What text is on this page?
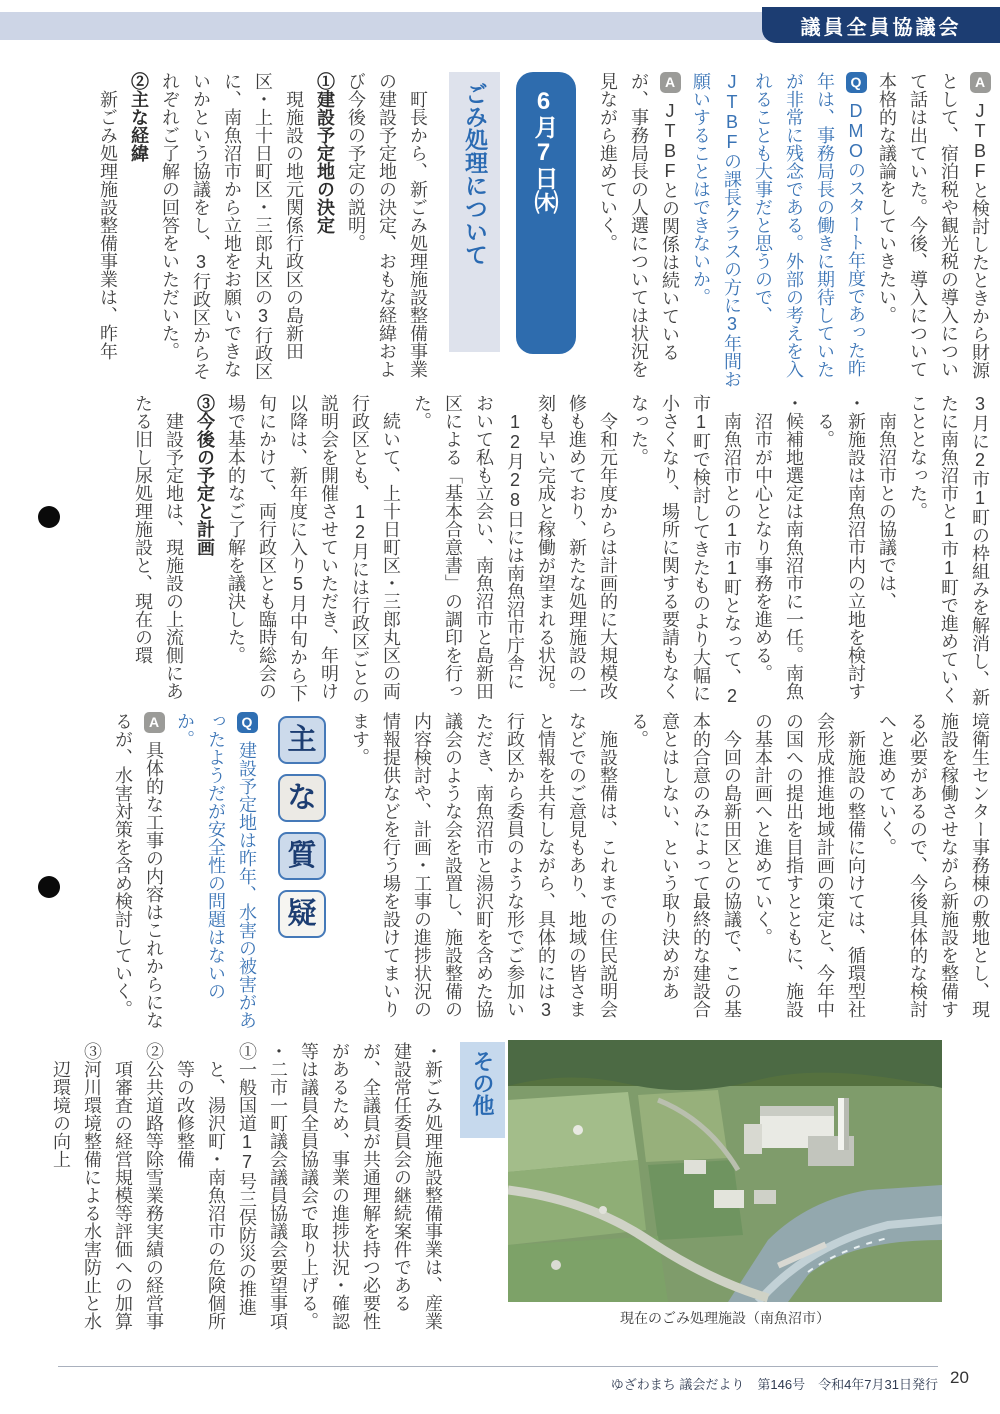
議員全員協議会

AJTBFと検討したときから財源として、宿泊税や観光税の導入について話は出ていた。今後、導入について本格的な議論をしていきたい。

QDMOのスタート年度であった昨年は、事務局長の働きに期待していたが非常に残念である。外部の考えを入れることも大事だと思うので、JTBFの課長クラスの方に3年間お願いすることはできないか。

AJTBFとの関係は続いているが、事務局長の人選については状況を見ながら進めていく。

6月7日㈭
ごみ処理について

　町長から、新ごみ処理施設整備事業の建設予定地の決定、おもな経緯および今後の予定の説明。

①建設予定地の決定

　現施設の地元関係行政区の島新田区・上十日町区・三郎丸区の3行政区に、南魚沼市から立地をお願いできないかという協議をし、3行政区からそれぞれご了解の回答をいただいた。

②主な経緯

　新ごみ処理施設整備事業は、昨年

3月に2市1町の枠組みを解消し、新たに南魚沼市と1市1町で進めていくこととなった。

　南魚沼市との協議では、

・新施設は南魚沼市内の立地を検討する。

・候補地選定は南魚沼市に一任。南魚沼市が中心となり事務を進める。

　南魚沼市との1市1町となって、2市1町で検討してきたものより大幅に小さくなり、場所に関する要請もなくなった。

　令和元年度からは計画的に大規模改修も進めており、新たな処理施設の一刻も早い完成と稼働が望まれる状況。

　12月28日には南魚沼市庁舎において私も立会い、南魚沼市と島新田区による「基本合意書」の調印を行った。

　続いて、上十日町区・三郎丸区の両行政区とも、12月には行政区ごとの説明会を開催させていただき、年明け以降は、新年度に入り5月中旬から下旬にかけて、両行政区とも臨時総会の場で基本的なご了解を議決した。

③今後の予定と計画

　建設予定地は、現施設の上流側にあたる旧し尿処理施設と、現在の環

境衛生センター事務棟の敷地とし、現施設を稼働させながら新施設を整備する必要があるので、今後具体的な検討へと進めていく。

　新施設の整備に向けては、循環型社会形成推進地域計画の策定と、今年中の国への提出を目指すとともに、施設の基本計画へと進めていく。

　今回の島新田区との協議で、この基本的合意のみによって最終的な建設合意とはしない、という取り決めがある。

　施設整備は、これまでの住民説明会などでのご意見もあり、地域の皆さまと情報を共有しながら、具体的には3行政区から委員のような形でご参加いただき、南魚沼市と湯沢町を含めた協議会のような会を設置し、施設整備の内容検討や、計画・工事の進捗状況の情報提供などを行う場を設けてまいります。

主
な
質
疑

Q建設予定地は昨年、水害の被害があったようだが安全性の問題はないのか。

A具体的な工事の内容はこれからになるが、水害対策を含め検討していく。

その他

・新ごみ処理施設整備事業は、産業建設常任委員会の継続案件であるが、全議員が共通理解を持つ必要性があるため、事業の進捗状況・確認等は議員全員協議会で取り上げる。

・二市一町議会議員協議会要望事項

①一般国道17号三俣防災の推進と、湯沢町・南魚沼市の危険個所等の改修整備

②公共道路等除雪業務実績の経営事項審査の経営規模等評価への加算

③河川環境整備による水害防止と水辺環境の向上

現在のごみ処理施設（南魚沼市）
ゆざわまち 議会だより　第146号　令和4年7月31日発行 20
